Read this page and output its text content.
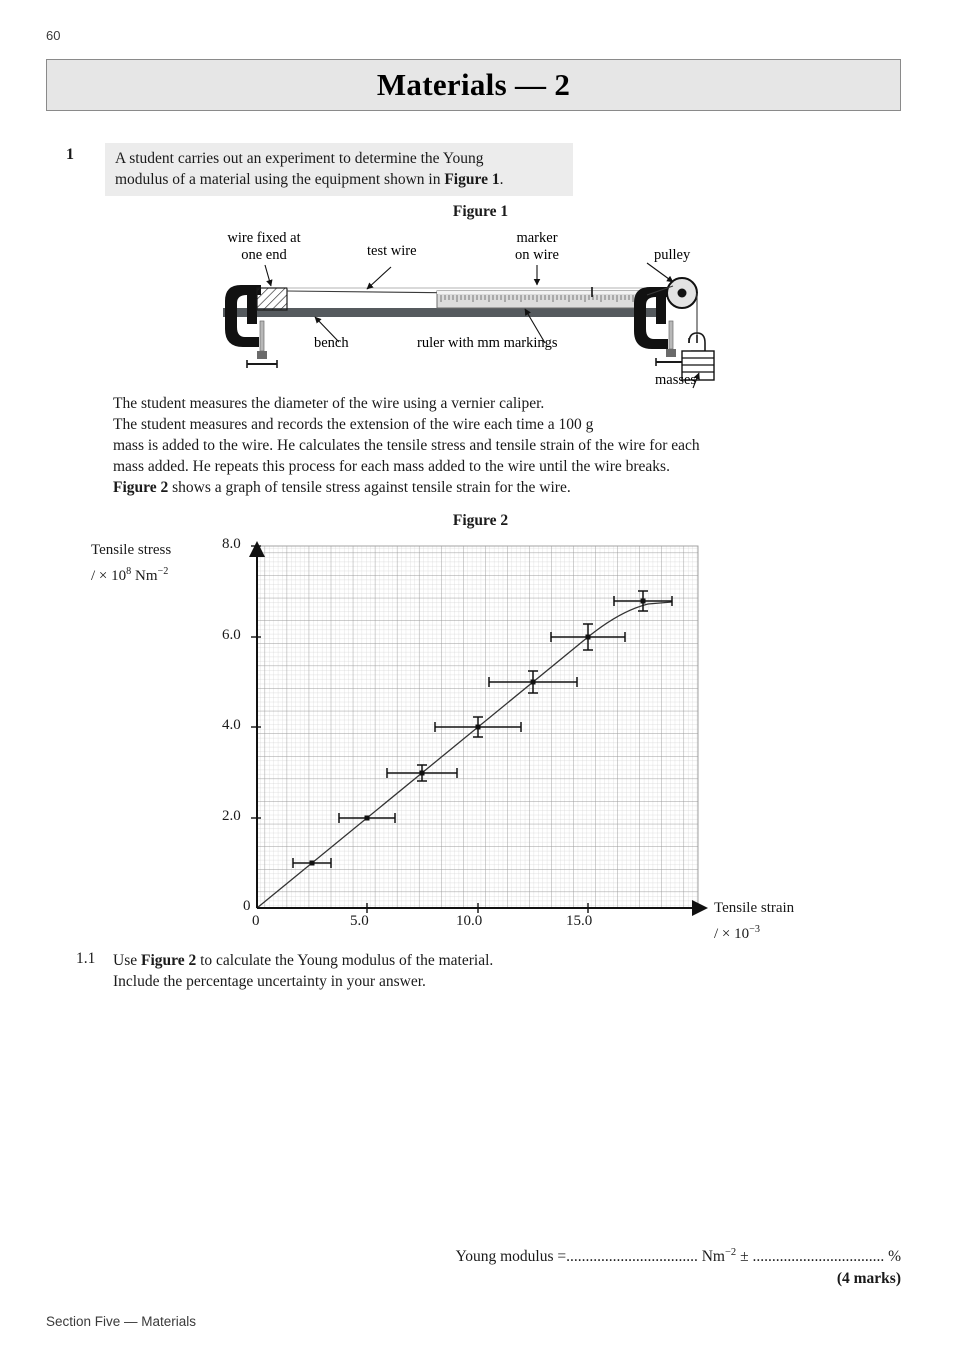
60
Materials — 2
1	A student carries out an experiment to determine the Young
modulus of a material using the equipment shown in Figure 1.
Figure 1
wire fixed at
one end	test wire
marker
on wire	pulley
bench	ruler with mm markings
masses
The student measures the diameter of the wire using a vernier caliper.
The student measures and records the extension of the wire each time a 100 g
mass is added to the wire. He calculates the tensile stress and tensile strain of the wire for each
mass added. He repeats this process for each mass added to the wire until the wire breaks.
Figure 2 shows a graph of tensile stress against tensile strain for the wire.
Figure 2
Tensile stress
/ × $10^8$ $Nm^{-2}$
Tensile strain
/ × $10^{-3}$
8.0
6.0
4.0
2.0
0
0	5.0	10.0	15.0
1.1 Use Figure 2 to calculate the Young modulus of the material.
Include the percentage uncertainty in your answer.
Young modulus =.................................. $Nm^{-2}$ ± .................................. %
(4 marks)
Section Five — Materials
